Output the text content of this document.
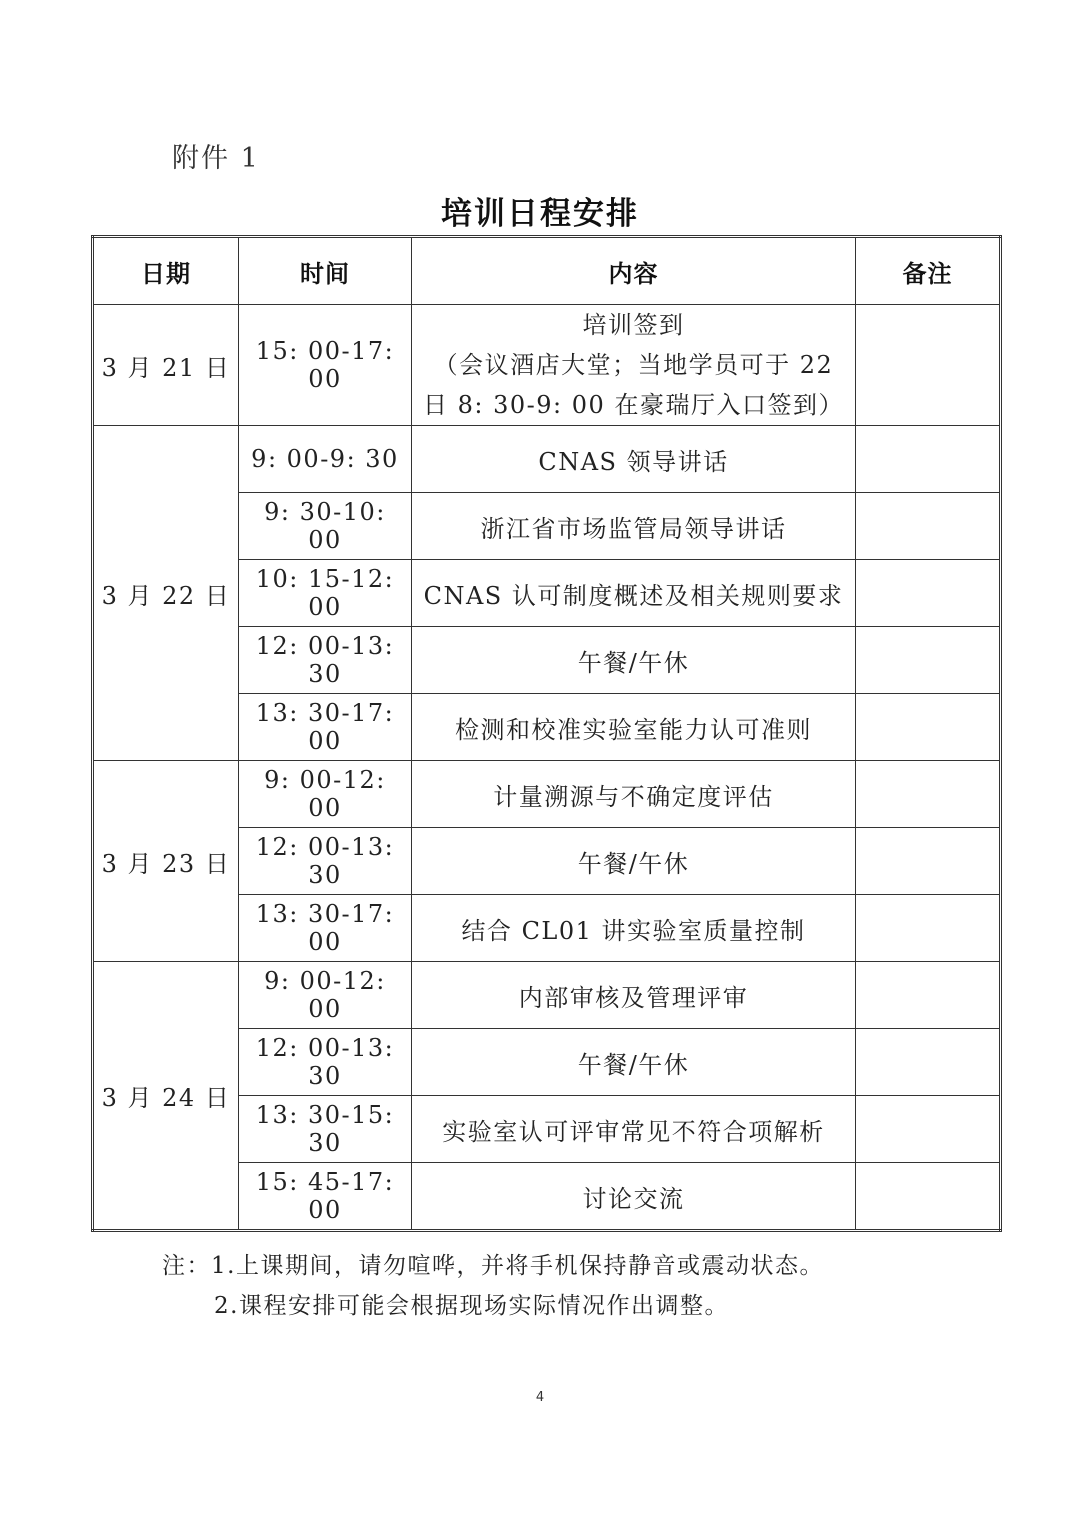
附件 1
培训日程安排
日期	时间	内容	备注
3 月 21 日	15: 00-17: 00	培训签到
（会议酒店大堂；当地学员可于 22
日 8: 30-9: 00 在豪瑞厅入口签到）	

3 月 22 日	9: 00-9: 30	CNAS 领导讲话	
	9: 30-10: 00	浙江省市场监管局领导讲话	
	10: 15-12: 00	CNAS 认可制度概述及相关规则要求	
	12: 00-13: 30	午餐/午休	
	13: 30-17: 00	检测和校准实验室能力认可准则	
3 月 23 日	9: 00-12: 00	计量溯源与不确定度评估	
	12: 00-13: 30	午餐/午休	
	13: 30-17: 00	结合 CL01 讲实验室质量控制	
3 月 24 日	9: 00-12: 00	内部审核及管理评审	
	12: 00-13: 30	午餐/午休	
	13: 30-15: 30	实验室认可评审常见不符合项解析	
	15: 45-17: 00	讨论交流	
注：1.上课期间，请勿喧哗，并将手机保持静音或震动状态。
2.课程安排可能会根据现场实际情况作出调整。
4
